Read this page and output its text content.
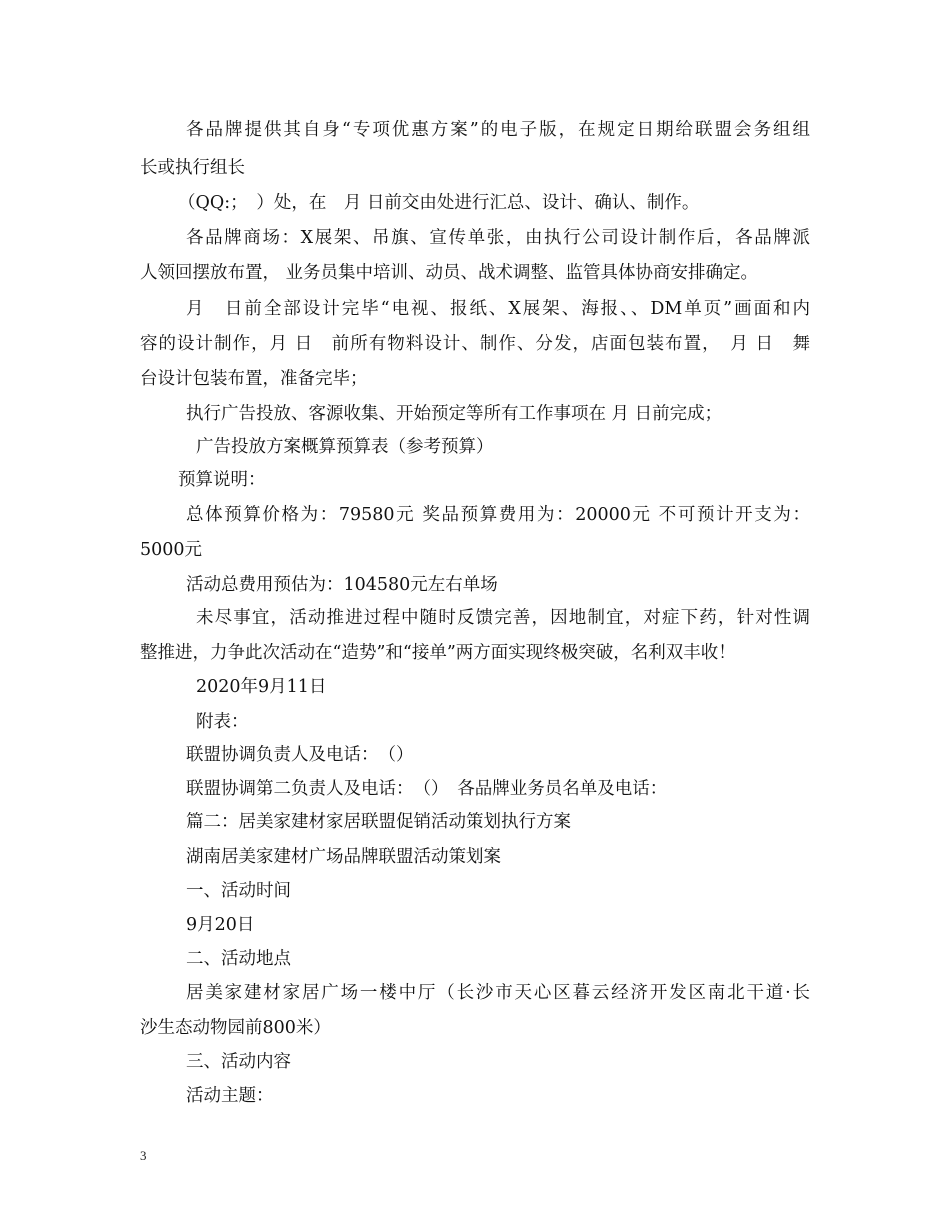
各品牌提供其自身“专项优惠方案”的电子版，在规定日期给联盟会务组组
长或执行组长
（QQ:；　）处，在　月 日前交由处进行汇总、设计、确认、制作。
各品牌商场：X展架、吊旗、宣传单张，由执行公司设计制作后，各品牌派
人领回摆放布置， 业务员集中培训、动员、战术调整、监管具体协商安排确定。
月　日前全部设计完毕“电视、报纸、X展架、海报、、DM单页”画面和内
容的设计制作，月 日　前所有物料设计、制作、分发，店面包装布置，　月 日　舞
台设计包装布置，准备完毕；
执行广告投放、客源收集、开始预定等所有工作事项在 月 日前完成；
广告投放方案概算预算表（参考预算）
预算说明：
总体预算价格为：79580元 奖品预算费用为：20000元 不可预计开支为：
5000元
活动总费用预估为：104580元左右单场
未尽事宜，活动推进过程中随时反馈完善，因地制宜，对症下药，针对性调
整推进，力争此次活动在“造势”和“接单”两方面实现终极突破，名利双丰收！
2020年9月11日
附表：
联盟协调负责人及电话：　（）
联盟协调第二负责人及电话：　（）　各品牌业务员名单及电话：
篇二：居美家建材家居联盟促销活动策划执行方案
湖南居美家建材广场品牌联盟活动策划案
一、活动时间
9月20日
二、活动地点
居美家建材家居广场一楼中厅（长沙市天心区暮云经济开发区南北干道·长
沙生态动物园前800米）
三、活动内容
活动主题：
3
